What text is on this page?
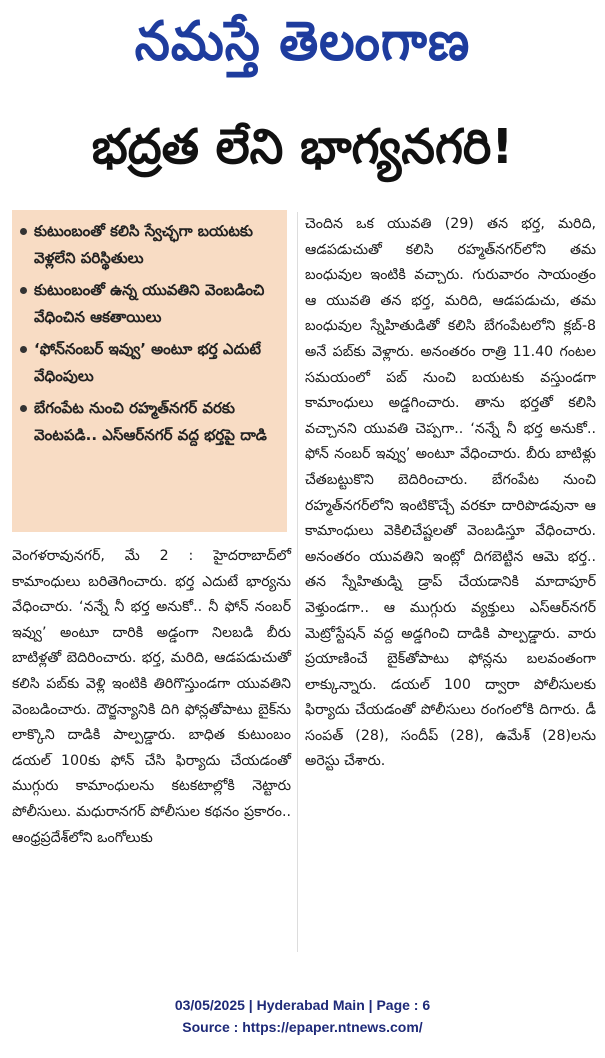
నమస్తే తెలంగాణ
భద్రత లేని భాగ్యనగరి!
కుటుంబంతో కలిసి స్వేచ్ఛగా బయటకు వెళ్లలేని పరిస్థితులు
కుటుంబంతో ఉన్న యువతిని వెంబడించి వేధించిన ఆకతాయిలు
‘ఫోన్‌నంబర్‌ ఇవ్వు’ అంటూ భర్త ఎదుటే వేధింపులు
బేగంపేట నుంచి రహ్మత్‌నగర్‌ వరకు వెంటపడి.. ఎస్‌ఆర్‌నగర్‌ వద్ద భర్తపై దాడి

వెంగళరావునగర్‌, మే 2 : హైదరాబాద్‌లో కామాంధులు బరితెగించారు. భర్త ఎదుటే భార్యను వేధించారు. ‘నన్నే నీ భర్త అనుకో.. నీ ఫోన్‌ నంబర్‌ ఇవ్వు’ అంటూ దారికి అడ్డంగా నిలబడి బీరు బాటిళ్లతో బెదిరించారు. భర్త, మరిది, ఆడపడుచుతో కలిసి పబ్‌కు వెళ్లి ఇంటికి తిరిగొస్తుండగా యువతిని వెంబడించారు. దౌర్జన్యానికి దిగి ఫోన్లతోపాటు బైక్‌ను లాక్కొని దాడికి పాల్పడ్డారు. బాధిత కుటుంబం డయల్‌ 100కు ఫోన్‌ చేసి ఫిర్యాదు చేయడంతో ముగ్గురు కామాంధులను కటకటాల్లోకి నెట్టారు పోలీసులు. మధురానగర్‌ పోలీసుల కథనం ప్రకారం.. ఆంధ్రప్రదేశ్‌లోని ఒంగోలుకు

చెందిన ఒక యువతి (29) తన భర్త, మరిది, ఆడపడుచుతో కలిసి రహ్మత్‌నగర్‌లోని తమ బంధువుల ఇంటికి వచ్చారు. గురువారం సాయంత్రం ఆ యువతి తన భర్త, మరిది, ఆడపడుచు, తమ బంధువుల స్నేహితుడితో కలిసి బేగంపేటలోని క్లబ్‌-8 అనే పబ్‌కు వెళ్లారు. అనంతరం రాత్రి 11.40 గంటల సమయంలో పబ్‌ నుంచి బయటకు వస్తుండగా కామాంధులు అడ్డగించారు. తాను భర్తతో కలిసి వచ్చానని యువతి చెప్పగా.. ‘నన్నే నీ భర్త అనుకో.. ఫోన్‌ నంబర్‌ ఇవ్వు’ అంటూ వేధించారు. బీరు బాటిళ్లు చేతబట్టుకొని బెదిరించారు. బేగంపేట నుంచి రహ్మత్‌నగర్‌లోని ఇంటికొచ్చే వరకూ దారిపొడవునా ఆ కామాంధులు వెకిలిచేష్టలతో వెంబడిస్తూ వేధించారు. అనంతరం యువతిని ఇంట్లో దిగబెట్టిన ఆమె భర్త.. తన స్నేహితుడ్ని డ్రాప్‌ చేయడానికి మాదాపూర్‌ వెళ్తుండగా.. ఆ ముగ్గురు వ్యక్తులు ఎస్‌ఆర్‌నగర్‌ మెట్రోస్టేషన్‌ వద్ద అడ్డగించి దాడికి పాల్పడ్డారు. వారు ప్రయాణించే బైక్‌తోపాటు ఫోన్లను బలవంతంగా లాక్కున్నారు. డయల్‌ 100 ద్వారా పోలీసులకు ఫిర్యాదు చేయడంతో పోలీసులు రంగంలోకి దిగారు. డీ సంపత్‌ (28), సందీప్‌ (28), ఉమేశ్‌ (28)లను అరెస్టు చేశారు.

03/05/2025 | Hyderabad Main | Page : 6
Source : https://epaper.ntnews.com/
